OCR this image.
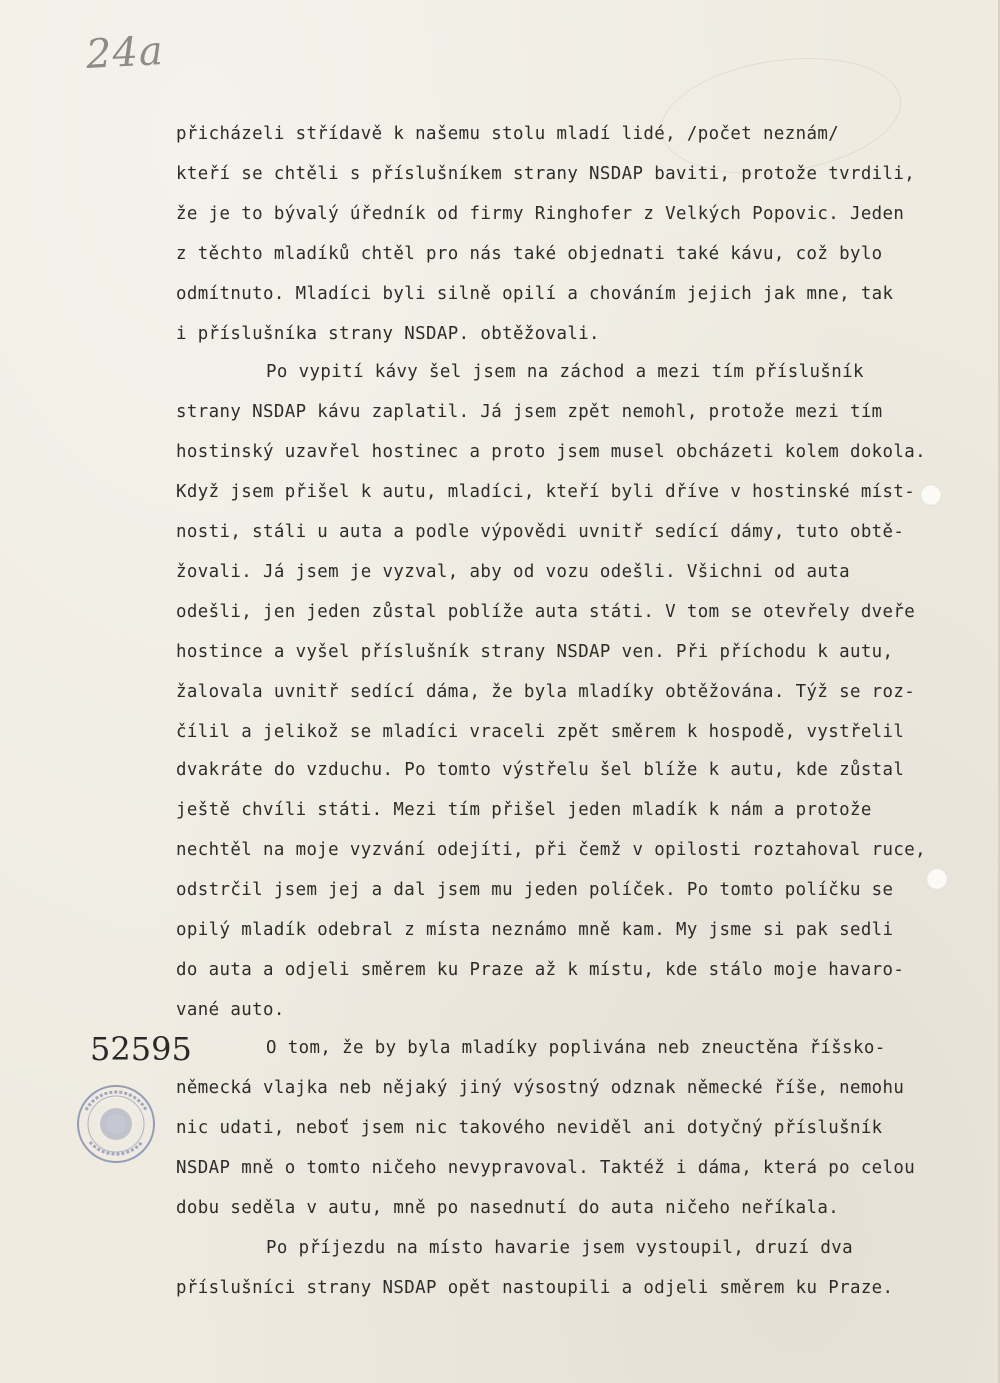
24a
přicházeli střídavě k našemu stolu mladí lidé, /počet neznám/
kteří se chtěli s příslušníkem strany NSDAP baviti, protože tvrdili,
že je to bývalý úředník od firmy Ringhofer z Velkých Popovic. Jeden
z těchto mladíků chtěl pro nás také objednati také kávu, což bylo
odmítnuto. Mladíci byli silně opilí a chováním jejich jak mne, tak
i příslušníka strany NSDAP. obtěžovali.
Po vypití kávy šel jsem na záchod a mezi tím příslušník
strany NSDAP kávu zaplatil. Já jsem zpět nemohl, protože mezi tím
hostinský uzavřel hostinec a proto jsem musel obcházeti kolem dokola.
Když jsem přišel k autu, mladíci, kteří byli dříve v hostinské míst-
nosti, stáli u auta a podle výpovědi uvnitř sedící dámy, tuto obtě-
žovali. Já jsem je vyzval, aby od vozu odešli. Všichni od auta
odešli, jen jeden zůstal poblíže auta státi. V tom se otevřely dveře
hostince a vyšel příslušník strany NSDAP ven. Při příchodu k autu,
žalovala uvnitř sedící dáma, že byla mladíky obtěžována. Týž se roz-
čílil a jelikož se mladíci vraceli zpět směrem k hospodě, vystřelil
dvakráte do vzduchu. Po tomto výstřelu šel blíže k autu, kde zůstal
ještě chvíli státi. Mezi tím přišel jeden mladík k nám a protože
nechtěl na moje vyzvání odejíti, při čemž v opilosti roztahoval ruce,
odstrčil jsem jej a dal jsem mu jeden políček. Po tomto políčku se
opilý mladík odebral z místa neznámo mně kam. My jsme si pak sedli
do auta a odjeli směrem ku Praze až k místu, kde stálo moje havaro-
vané auto.
O tom, že by byla mladíky poplivána neb zneuctěna říšsko-
německá vlajka neb nějaký jiný výsostný odznak německé říše, nemohu
nic udati, neboť jsem nic takového neviděl ani dotyčný příslušník
NSDAP mně o tomto ničeho nevypravoval. Taktéž i dáma, která po celou
dobu seděla v autu, mně po nasednutí do auta ničeho neříkala.
Po příjezdu na místo havarie jsem vystoupil, druzí dva
příslušníci strany NSDAP opět nastoupili a odjeli směrem ku Praze.
52595
